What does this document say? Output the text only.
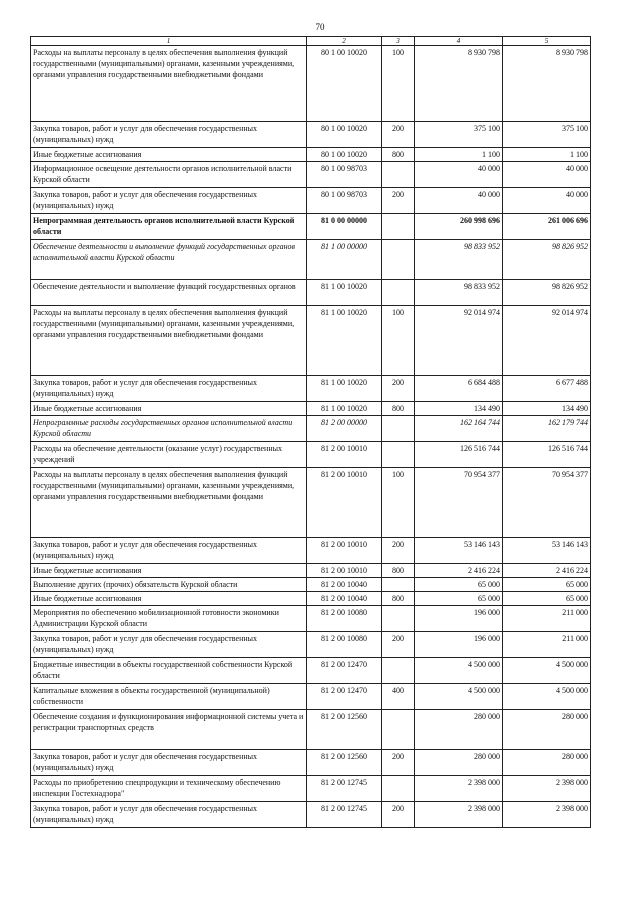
70
1	2	3	4	5
Расходы на выплаты персоналу в целях обеспечения выполнения функций государственными (муниципальными) органами, казенными учреждениями, органами управления государственными внебюджетными фондами	80 1 00 10020	100	8 930 798	8 930 798
Закупка товаров, работ и услуг для обеспечения государственных (муниципальных) нужд	80 1 00 10020	200	375 100	375 100
Иные бюджетные ассигнования	80 1 00 10020	800	1 100	1 100
Информационное освещение деятельности органов исполнительной власти Курской области	80 1 00 98703		40 000	40 000
Закупка товаров, работ и услуг для обеспечения государственных (муниципальных) нужд	80 1 00 98703	200	40 000	40 000
Непрограммная деятельность органов исполнительной власти Курской области	81 0 00 00000		260 998 696	261 006 696
Обеспечение деятельности и выполнение функций государственных органов исполнительной власти Курской области	81 1 00 00000		98 833 952	98 826 952
Обеспечение деятельности и выполнение функций государственных органов	81 1 00 10020		98 833 952	98 826 952
Расходы на выплаты персоналу в целях обеспечения выполнения функций государственными (муниципальными) органами, казенными учреждениями, органами управления государственными внебюджетными фондами	81 1 00 10020	100	92 014 974	92 014 974
Закупка товаров, работ и услуг для обеспечения государственных (муниципальных) нужд	81 1 00 10020	200	6 684 488	6 677 488
Иные бюджетные ассигнования	81 1 00 10020	800	134 490	134 490
Непрограммные расходы государственных органов исполнительной власти Курской области	81 2 00 00000		162 164 744	162 179 744
Расходы на обеспечение деятельности (оказание услуг) государственных учреждений	81 2 00 10010		126 516 744	126 516 744
Расходы на выплаты персоналу в целях обеспечения выполнения функций государственными (муниципальными) органами, казенными учреждениями, органами управления государственными внебюджетными фондами	81 2 00 10010	100	70 954 377	70 954 377
Закупка товаров, работ и услуг для обеспечения государственных (муниципальных) нужд	81 2 00 10010	200	53 146 143	53 146 143
Иные бюджетные ассигнования	81 2 00 10010	800	2 416 224	2 416 224
Выполнение других (прочих) обязательств Курской области	81 2 00 10040		65 000	65 000
Иные бюджетные ассигнования	81 2 00 10040	800	65 000	65 000
Мероприятия по обеспечению мобилизационной готовности экономики Администрации Курской области	81 2 00 10080		196 000	211 000
Закупка товаров, работ и услуг для обеспечения государственных (муниципальных) нужд	81 2 00 10080	200	196 000	211 000
Бюджетные инвестиции в объекты государственной собственности Курской области	81 2 00 12470		4 500 000	4 500 000
Капитальные вложения в объекты государственной (муниципальной) собственности	81 2 00 12470	400	4 500 000	4 500 000
Обеспечение создания и функционирования информационной системы учета и регистрации транспортных средств	81 2 00 12560		280 000	280 000
Закупка товаров, работ и услуг для обеспечения государственных (муниципальных) нужд	81 2 00 12560	200	280 000	280 000
Расходы по приобретению спецпродукции и техническому обеспечению инспекции Гостехнадзора"	81 2 00 12745		2 398 000	2 398 000
Закупка товаров, работ и услуг для обеспечения государственных (муниципальных) нужд	81 2 00 12745	200	2 398 000	2 398 000
